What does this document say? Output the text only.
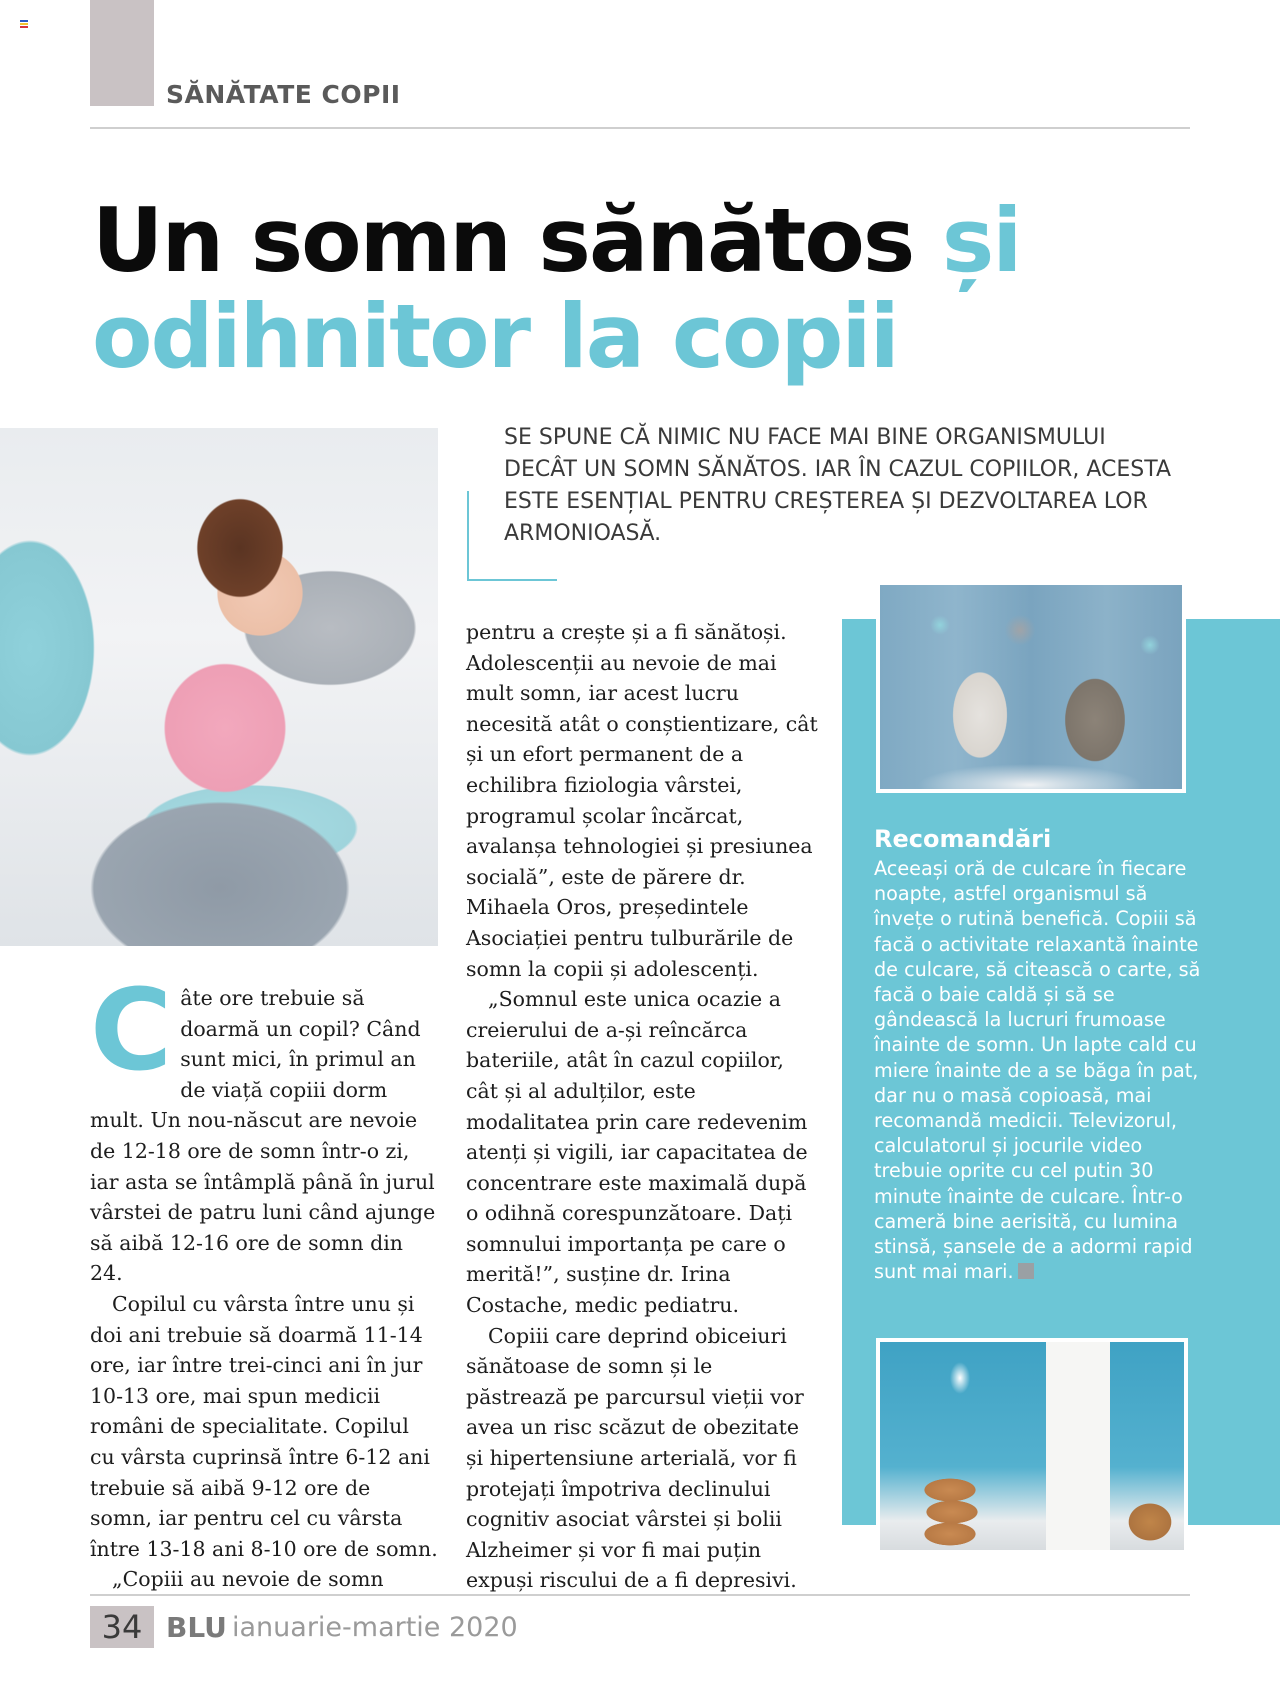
SĂNĂTATE COPII
Un somn sănătos și
odihnitor la copii

SE SPUNE CĂ NIMIC NU FACE MAI BINE ORGANISMULUI DECÂT UN SOMN SĂNĂTOS. IAR ÎN CAZUL COPIILOR, ACESTA ESTE ESENȚIAL PENTRU CREȘTEREA ȘI DEZVOLTAREA LOR ARMONIOASĂ.

Câte ore trebuie să doarmă un copil? Când sunt mici, în primul an de viață copiii dorm mult. Un nou-născut are nevoie de 12-18 ore de somn într-o zi, iar asta se întâmplă până în jurul vârstei de patru luni când ajunge să aibă 12-16 ore de somn din 24.

Copilul cu vârsta între unu și doi ani trebuie să doarmă 11-14 ore, iar între trei-cinci ani în jur 10-13 ore, mai spun medicii români de specialitate. Copilul cu vârsta cuprinsă între 6-12 ani trebuie să aibă 9-12 ore de somn, iar pentru cel cu vârsta între 13-18 ani 8-10 ore de somn.

„Copiii au nevoie de somn

pentru a crește și a fi sănătoși. Adolescenții au nevoie de mai mult somn, iar acest lucru necesită atât o conștientizare, cât și un efort permanent de a echilibra fiziologia vârstei, programul școlar încărcat, avalanșa tehnologiei și presiunea socială”, este de părere dr. Mihaela Oros, președintele Asociației pentru tulburările de somn la copii și adolescenți.

„Somnul este unica ocazie a creierului de a-și reîncărca bateriile, atât în cazul copiilor, cât și al adulților, este modalitatea prin care redevenim atenți și vigili, iar capacitatea de concentrare este maximală după o odihnă corespunzătoare. Dați somnului importanța pe care o merită!”, susține dr. Irina Costache, medic pediatru.

Copiii care deprind obiceiuri sănătoase de somn și le păstrează pe parcursul vieții vor avea un risc scăzut de obezitate și hipertensiune arterială, vor fi protejați împotriva declinului cognitiv asociat vârstei și bolii Alzheimer și vor fi mai puțin expuși riscului de a fi depresivi.

Recomandări

Aceeași oră de culcare în fiecare noapte, astfel organismul să învețe o rutină benefică. Copiii să facă o activitate relaxantă înainte de culcare, să citească o carte, să facă o baie caldă și să se gândească la lucruri frumoase înainte de somn. Un lapte cald cu miere înainte de a se băga în pat, dar nu o masă copioasă, mai recomandă medicii. Televizorul, calculatorul și jocurile video trebuie oprite cu cel putin 30 minute înainte de culcare. Într-o cameră bine aerisită, cu lumina stinsă, șansele de a adormi rapid sunt mai mari.

34 BLU ianuarie-martie 2020
